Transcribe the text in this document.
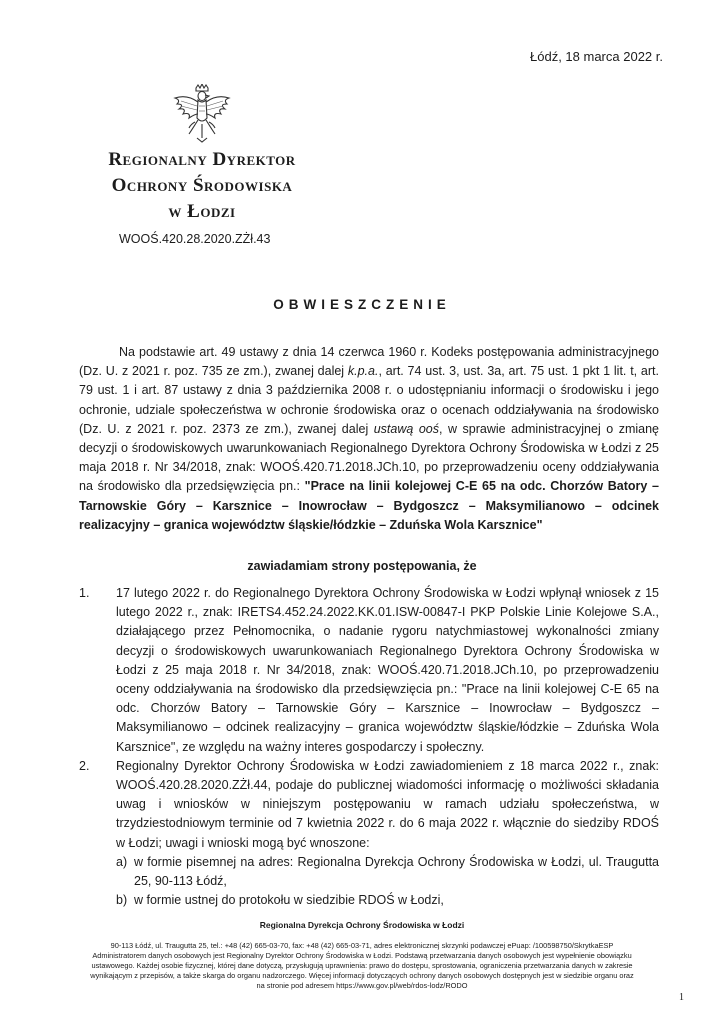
Łódź, 18 marca 2022 r.
Regionalny Dyrektor
Ochrony Środowiska
w Łodzi
WOOŚ.420.28.2020.ZŻł.43
OBWIESZCZENIE

Na podstawie art. 49 ustawy z dnia 14 czerwca 1960 r. Kodeks postępowania administracyjnego (Dz. U. z 2021 r. poz. 735 ze zm.), zwanej dalej k.p.a., art. 74 ust. 3, ust. 3a, art. 75 ust. 1 pkt 1 lit. t, art. 79 ust. 1 i art. 87 ustawy z dnia 3 października 2008 r. o udostępnianiu informacji o środowisku i jego ochronie, udziale społeczeństwa w ochronie środowiska oraz o ocenach oddziaływania na środowisko (Dz. U. z 2021 r. poz. 2373 ze zm.), zwanej dalej ustawą ooś, w sprawie administracyjnej o zmianę decyzji o środowiskowych uwarunkowaniach Regionalnego Dyrektora Ochrony Środowiska w Łodzi z 25 maja 2018 r. Nr 34/2018, znak: WOOŚ.420.71.2018.JCh.10, po przeprowadzeniu oceny oddziaływania na środowisko dla przedsięwzięcia pn.: "Prace na linii kolejowej C-E 65 na odc. Chorzów Batory – Tarnowskie Góry – Karsznice – Inowrocław – Bydgoszcz – Maksymilianowo – odcinek realizacyjny – granica województw śląskie/łódzkie – Zduńska Wola Karsznice"

zawiadamiam strony postępowania, że
1. 17 lutego 2022 r. do Regionalnego Dyrektora Ochrony Środowiska w Łodzi wpłynął wniosek z 15 lutego 2022 r., znak: IRETS4.452.24.2022.KK.01.ISW-00847-I PKP Polskie Linie Kolejowe S.A., działającego przez Pełnomocnika, o nadanie rygoru natychmiastowej wykonalności zmiany decyzji o środowiskowych uwarunkowaniach Regionalnego Dyrektora Ochrony Środowiska w Łodzi z 25 maja 2018 r. Nr 34/2018, znak: WOOŚ.420.71.2018.JCh.10, po przeprowadzeniu oceny oddziaływania na środowisko dla przedsięwzięcia pn.: "Prace na linii kolejowej C-E 65 na odc. Chorzów Batory – Tarnowskie Góry – Karsznice – Inowrocław – Bydgoszcz – Maksymilianowo – odcinek realizacyjny – granica województw śląskie/łódzkie – Zduńska Wola Karsznice", ze względu na ważny interes gospodarczy i społeczny.
2. Regionalny Dyrektor Ochrony Środowiska w Łodzi zawiadomieniem z 18 marca 2022 r., znak: WOOŚ.420.28.2020.ZŻł.44, podaje do publicznej wiadomości informację o możliwości składania uwag i wniosków w niniejszym postępowaniu w ramach udziału społeczeństwa, w trzydziestodniowym terminie od 7 kwietnia 2022 r. do 6 maja 2022 r. włącznie do siedziby RDOŚ w Łodzi; uwagi i wnioski mogą być wnoszone:
a) w formie pisemnej na adres: Regionalna Dyrekcja Ochrony Środowiska w Łodzi, ul. Traugutta 25, 90-113 Łódź,
b) w formie ustnej do protokołu w siedzibie RDOŚ w Łodzi,
Regionalna Dyrekcja Ochrony Środowiska w Łodzi

90-113 Łódź, ul. Traugutta 25, tel.: +48 (42) 665-03-70, fax: +48 (42) 665-03-71, adres elektronicznej skrzynki podawczej ePuap: /100598750/SkrytkaESP Administratorem danych osobowych jest Regionalny Dyrektor Ochrony Środowiska w Łodzi. Podstawą przetwarzania danych osobowych jest wypełnienie obowiązku ustawowego. Każdej osobie fizycznej, której dane dotyczą, przysługują uprawnienia: prawo do dostępu, sprostowania, ograniczenia przetwarzania danych w zakresie wynikającym z przepisów, a także skarga do organu nadzorczego. Więcej informacji dotyczących ochrony danych osobowych dostępnych jest w siedzibie organu oraz na stronie pod adresem https://www.gov.pl/web/rdos-lodz/RODO

1
